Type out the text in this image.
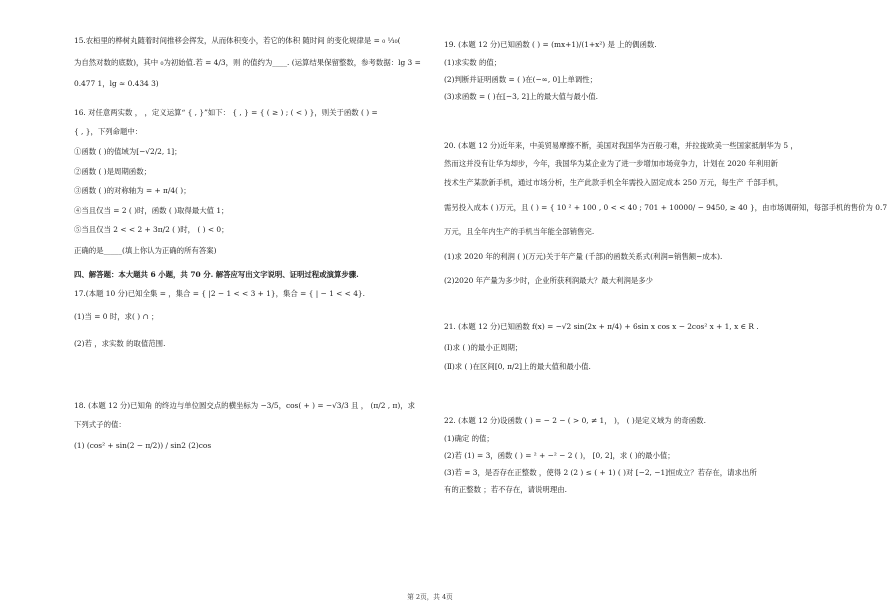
15.农桓里的桦树丸随着时间推移会挥发，从而体积变小，若它的体积 随时间 的变化规律是 = ₀ ¹⁄₁₀(
为自然对数的底数)，其中 ₀为初始值.若 = 4/3，则 的值约为____. (运算结果保留整数，参考数据：lg 3 =
0.477 1，lg ≈ 0.434 3)
16. 对任意两实数 ， ，定义运算“ { , }”如下： { , } = { ( ≥ ) ; ( < ) }，则关于函数 ( ) =
{ , }，下列命题中：
①函数 ( )的值域为[−√2/2, 1]；
②函数 ( )是周期函数；
③函数 ( )的对称轴为 = + π/4( )；
④当且仅当 = 2 ( )时，函数 ( )取得最大值 1；
⑤当且仅当 2 < < 2 + 3π/2 ( )时， ( ) < 0；
正确的是_____(填上你认为正确的所有答案)
四、解答题：本大题共 6 小题，共 70 分. 解答应写出文字说明、证明过程或演算步骤.
17.(本题 10 分)已知全集 = ，集合 = { |2 − 1 < < 3 + 1}，集合 = { | − 1 < < 4}.
(1)当 = 0 时，求( ) ∩ ；
(2)若 ，求实数 的取值范围.
18. (本题 12 分)已知角 的终边与单位圆交点的横坐标为 −3/5，cos( + ) = −√3/3 且 ， (π/2 , π)，求
下列式子的值：
(1) (cos² + sin(2 − π/2)) / sin2 (2)cos
19. (本题 12 分)已知函数 ( ) = (mx+1)/(1+x²) 是 上的偶函数.
(1)求实数 的值；
(2)判断并证明函数 = ( )在(−∞, 0]上单调性；
(3)求函数 = ( )在[−3, 2]上的最大值与最小值.
20. (本题 12 分)近年来，中美贸易摩擦不断，美国对我国华为百般刁难，并拉拢欧美一些国家抵制华为 5 ，
然而这并没有让华为却步，今年，我国华为某企业为了进一步增加市场竞争力，计划在 2020 年利用新
技术生产某款新手机，通过市场分析，生产此款手机全年需投入固定成本 250 万元，每生产 千部手机，
需另投入成本 ( )万元，且 ( ) = { 10 ² + 100 , 0 < < 40 ; 701 + 10000/ − 9450, ≥ 40 }，由市场调研知，每部手机的售价为 0.7
万元，且全年内生产的手机当年能全部销售完.
(1)求 2020 年的利润 ( )(万元)关于年产量 (千部)的函数关系式(利润=销售额−成本).
(2)2020 年产量为多少时，企业所获利润最大？最大利润是多少
21. (本题 12 分)已知函数 f(x) = −√2 sin(2x + π/4) + 6sin x cos x − 2cos² x + 1, x ∈ R .
(Ⅰ)求 ( )的最小正周期；
(Ⅱ)求 ( )在区间[0, π/2]上的最大值和最小值.
22. (本题 12 分)设函数 ( ) = − 2 − ( > 0, ≠ 1， )， ( )是定义域为 的奇函数.
(1)确定 的值；
(2)若 (1) = 3，函数 ( ) = ² + −² − 2 ( )， [0, 2]，求 ( )的最小值；
(3)若 = 3，是否存在正整数 ，使得 2 (2 ) ≤ ( + 1) ( )对 [−2, −1]恒成立？若存在，请求出所
有的正整数 ；若不存在，请说明理由.
第 2页，共 4页
